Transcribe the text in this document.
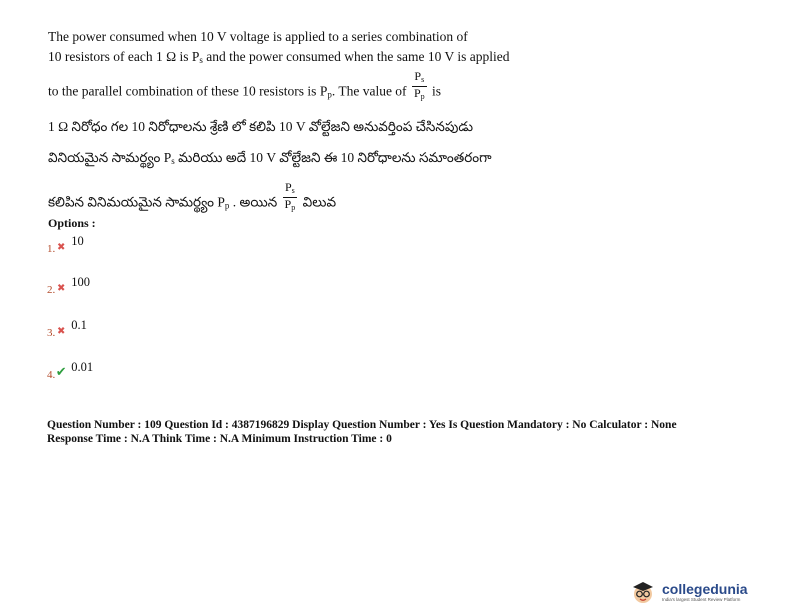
The power consumed when 10 V voltage is applied to a series combination of
10 resistors of each 1 Ω is $P_s$ and the power consumed when the same 10 V is applied
to the parallel combination of these 10 resistors is $P_p$. The value of $\frac{Ps}{Pp}$ is
1 Ω నిరోధం గల 10 నిరోధాలను శ్రేణి లో కలిపి 10 V వోల్టేజని అనువర్తింప చేసినపుడు
వినియమైన సామర్థ్యం $P_s$ మరియు అదే 10 V వోల్టేజని ఈ 10 నిరోధాలను సమాంతరంగా
కలిపిన వినిమయమైన సామర్థ్యం $P_p$ . అయిన $\frac{Ps}{Pp}$ విలువ
Options :
1. ✖ 10
2. ✖ 100
3. ✖ 0.1
4.✔ 0.01
Question Number : 109 Question Id : 4387196829 Display Question Number : Yes Is Question Mandatory : No Calculator : None
Response Time : N.A Think Time : N.A Minimum Instruction Time : 0
collegedunia
India's largest Student Review Platform
